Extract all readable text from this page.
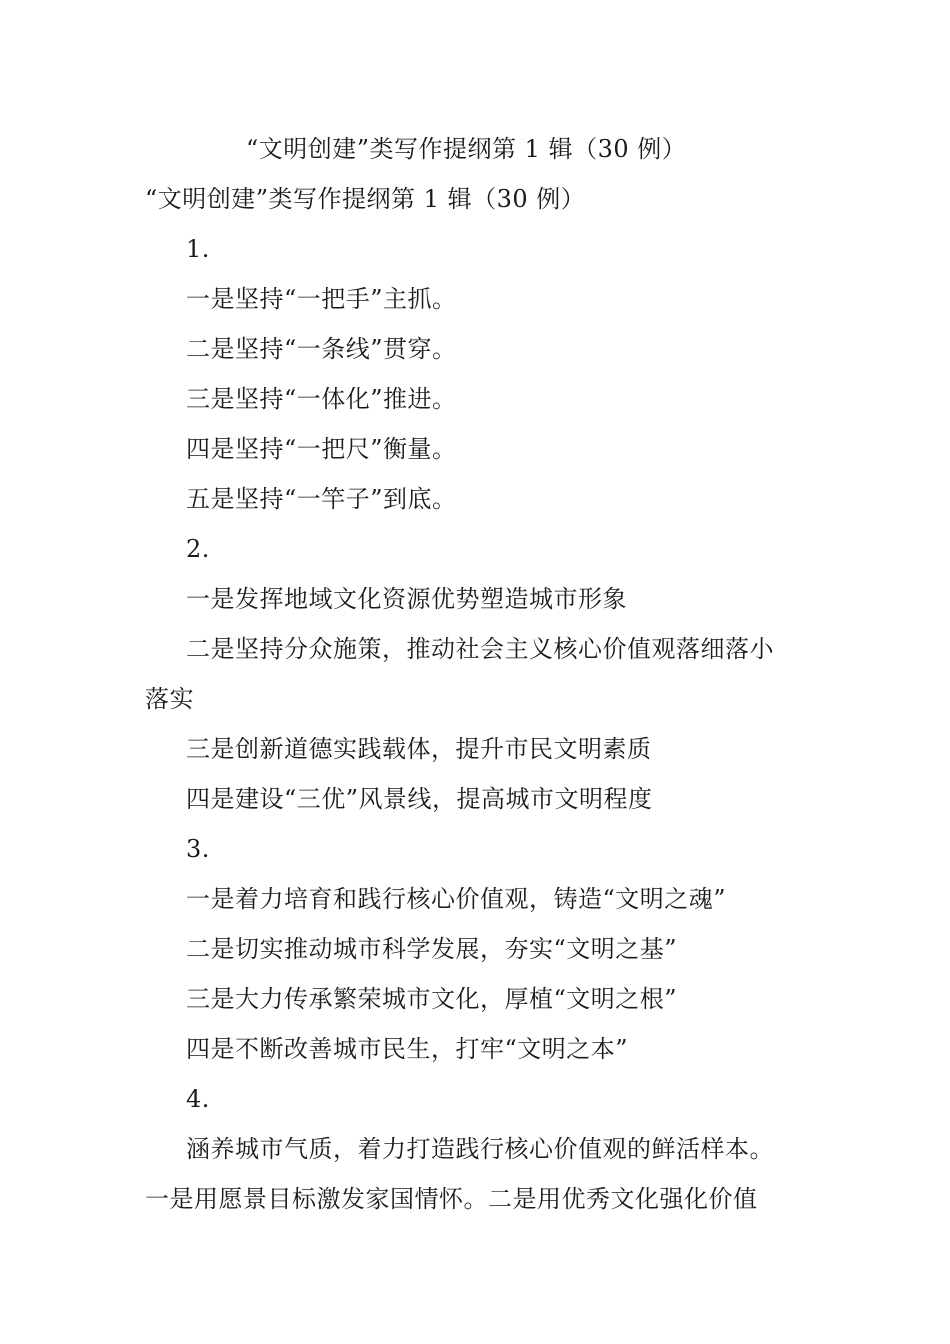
“文明创建”类写作提纲第 1 辑（30 例）
“文明创建”类写作提纲第 1 辑（30 例）
1.
一是坚持“一把手”主抓。
二是坚持“一条线”贯穿。
三是坚持“一体化”推进。
四是坚持“一把尺”衡量。
五是坚持“一竿子”到底。
2.
一是发挥地域文化资源优势塑造城市形象
二是坚持分众施策，推动社会主义核心价值观落细落小
落实
三是创新道德实践载体，提升市民文明素质
四是建设“三优”风景线，提高城市文明程度
3.
一是着力培育和践行核心价值观，铸造“文明之魂”
二是切实推动城市科学发展，夯实“文明之基”
三是大力传承繁荣城市文化，厚植“文明之根”
四是不断改善城市民生，打牢“文明之本”
4.
涵养城市气质，着力打造践行核心价值观的鲜活样本。
一是用愿景目标激发家国情怀。二是用优秀文化强化价值
